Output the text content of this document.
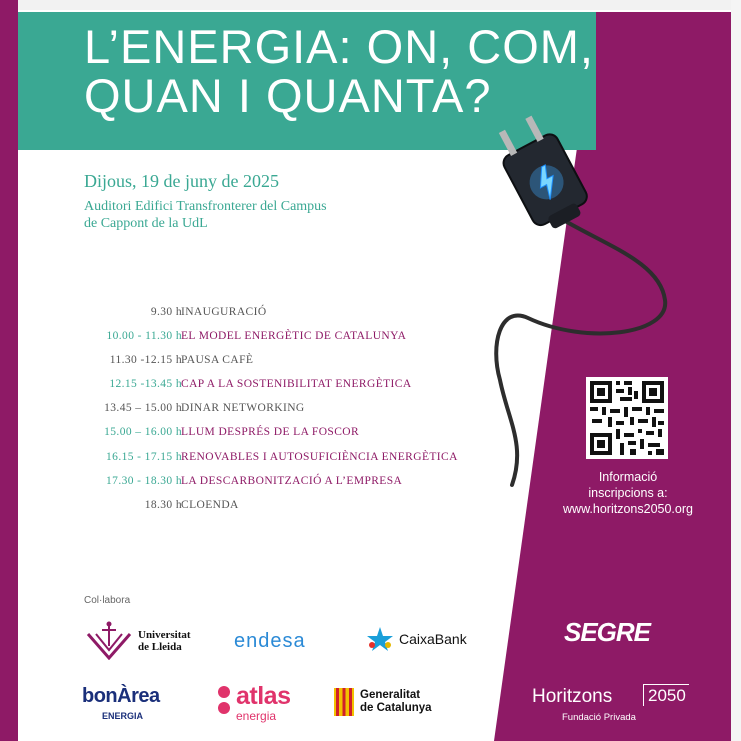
L’ENERGIA: ON, COM,
QUAN I QUANTA?
Dijous, 19 de juny de 2025
Auditori Edifici Transfronterer del Campus
de Cappont de la UdL
9.30 h INAUGURACIÓ
10.00 - 11.30 h EL MODEL ENERGÈTIC DE CATALUNYA
11.30 -12.15 h PAUSA CAFÈ
12.15 -13.45 h CAP A LA SOSTENIBILITAT ENERGÈTICA
13.45 – 15.00 h DINAR NETWORKING
15.00 – 16.00 h LLUM DESPRÉS DE LA FOSCOR
16.15 - 17.15 h RENOVABLES I AUTOSUFICIÈNCIA ENERGÈTICA
17.30 - 18.30 h LA DESCARBONITZACIÓ A L’EMPRESA
18.30 h CLOENDA
Informació
inscripcions a:
www.horitzons2050.org
Col·labora
Universitat
de Lleida	endesa	CaixaBank	SEGRE
bonÀrea
ENERGIA
atlas
energia
Generalitat
de Catalunya
Horitzons 2050
Fundació Privada
